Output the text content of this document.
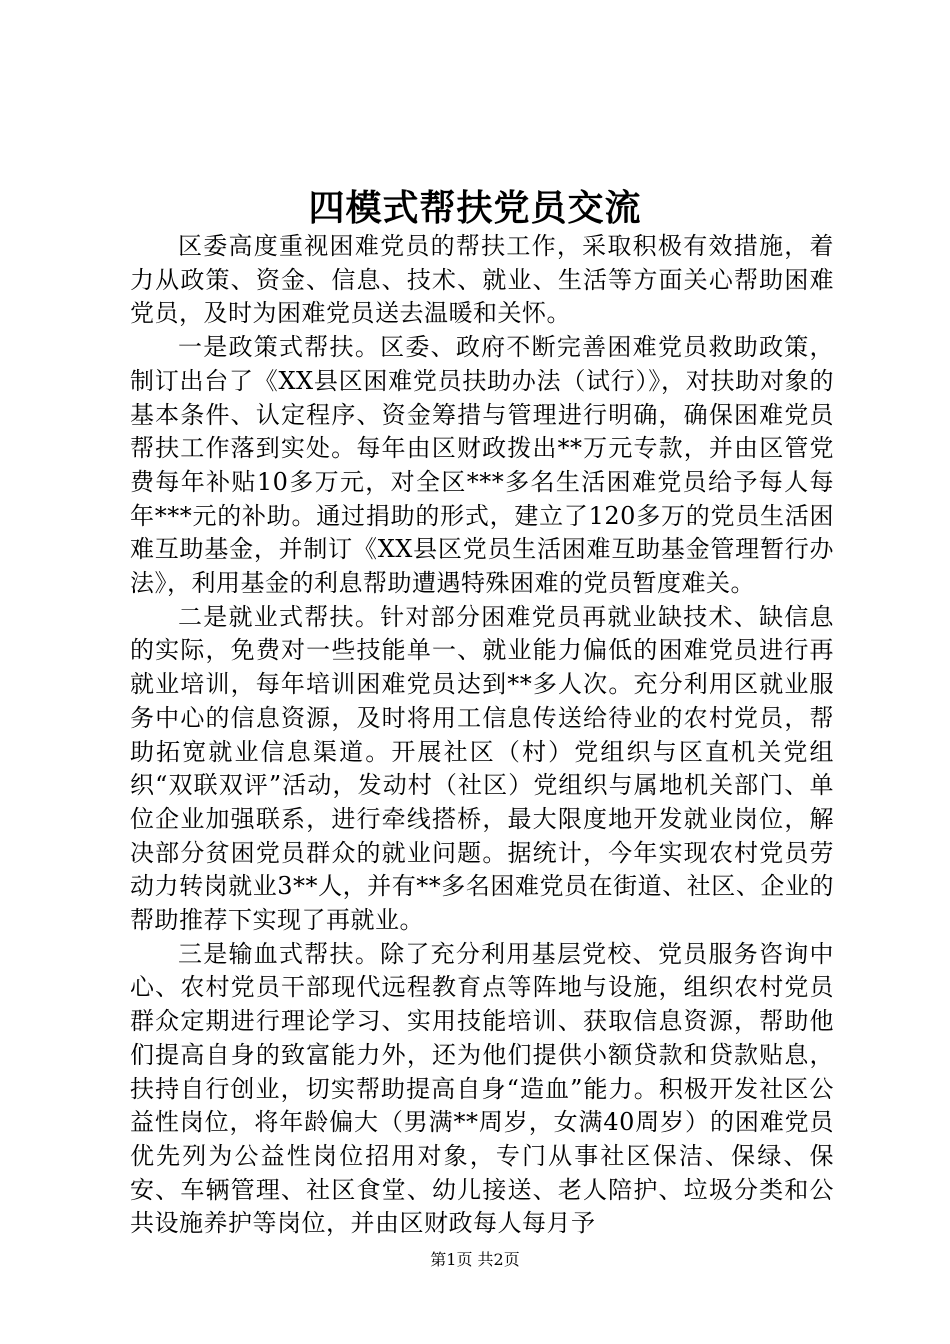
四模式帮扶党员交流

区委高度重视困难党员的帮扶工作，采取积极有效措施，着力从政策、资金、信息、技术、就业、生活等方面关心帮助困难党员，及时为困难党员送去温暖和关怀。

一是政策式帮扶。区委、政府不断完善困难党员救助政策，制订出台了《XX县区困难党员扶助办法（试行）》，对扶助对象的基本条件、认定程序、资金筹措与管理进行明确，确保困难党员帮扶工作落到实处。每年由区财政拨出**万元专款，并由区管党费每年补贴10多万元，对全区***多名生活困难党员给予每人每年***元的补助。通过捐助的形式，建立了120多万的党员生活困难互助基金，并制订《XX县区党员生活困难互助基金管理暂行办法》，利用基金的利息帮助遭遇特殊困难的党员暂度难关。

二是就业式帮扶。针对部分困难党员再就业缺技术、缺信息的实际，免费对一些技能单一、就业能力偏低的困难党员进行再就业培训，每年培训困难党员达到**多人次。充分利用区就业服务中心的信息资源，及时将用工信息传送给待业的农村党员，帮助拓宽就业信息渠道。开展社区（村）党组织与区直机关党组织“双联双评”活动，发动村（社区）党组织与属地机关部门、单位企业加强联系，进行牵线搭桥，最大限度地开发就业岗位，解决部分贫困党员群众的就业问题。据统计，今年实现农村党员劳动力转岗就业3**人，并有**多名困难党员在街道、社区、企业的帮助推荐下实现了再就业。

三是输血式帮扶。除了充分利用基层党校、党员服务咨询中心、农村党员干部现代远程教育点等阵地与设施，组织农村党员群众定期进行理论学习、实用技能培训、获取信息资源，帮助他们提高自身的致富能力外，还为他们提供小额贷款和贷款贴息，扶持自行创业，切实帮助提高自身“造血”能力。积极开发社区公益性岗位，将年龄偏大（男满**周岁，女满40周岁）的困难党员优先列为公益性岗位招用对象，专门从事社区保洁、保绿、保安、车辆管理、社区食堂、幼儿接送、老人陪护、垃圾分类和公共设施养护等岗位，并由区财政每人每月予

第1页 共2页
